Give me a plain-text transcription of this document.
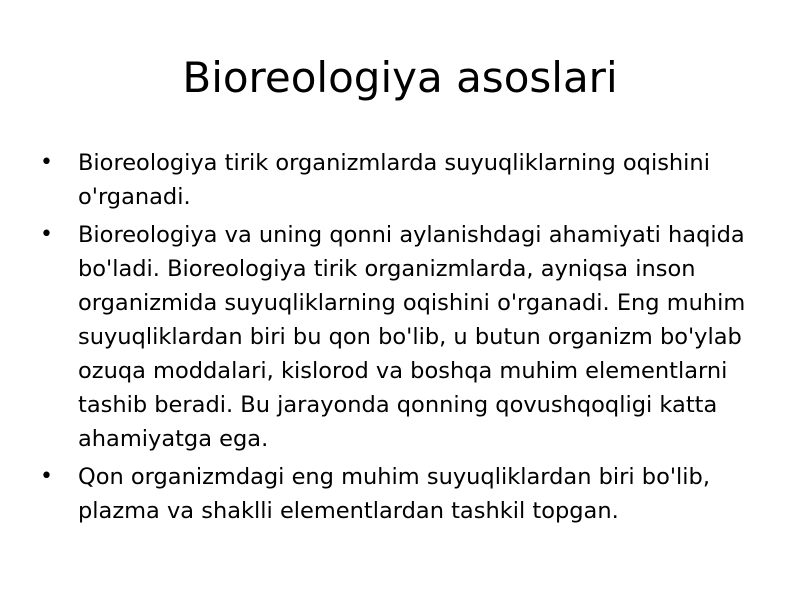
Bioreologiya asoslari
•	Bioreologiya tirik organizmlarda suyuqliklarning oqishini o'rganadi.
•	Bioreologiya va uning qonni aylanishdagi ahamiyati haqida bo'ladi. Bioreologiya tirik organizmlarda, ayniqsa inson organizmida suyuqliklarning oqishini o'rganadi. Eng muhim suyuqliklardan biri bu qon bo'lib, u butun organizm bo'ylab ozuqa moddalari, kislorod va boshqa muhim elementlarni tashib beradi. Bu jarayonda qonning qovushqoqligi katta ahamiyatga ega.
•	Qon organizmdagi eng muhim suyuqliklardan biri bo'lib, plazma va shaklli elementlardan tashkil topgan.
